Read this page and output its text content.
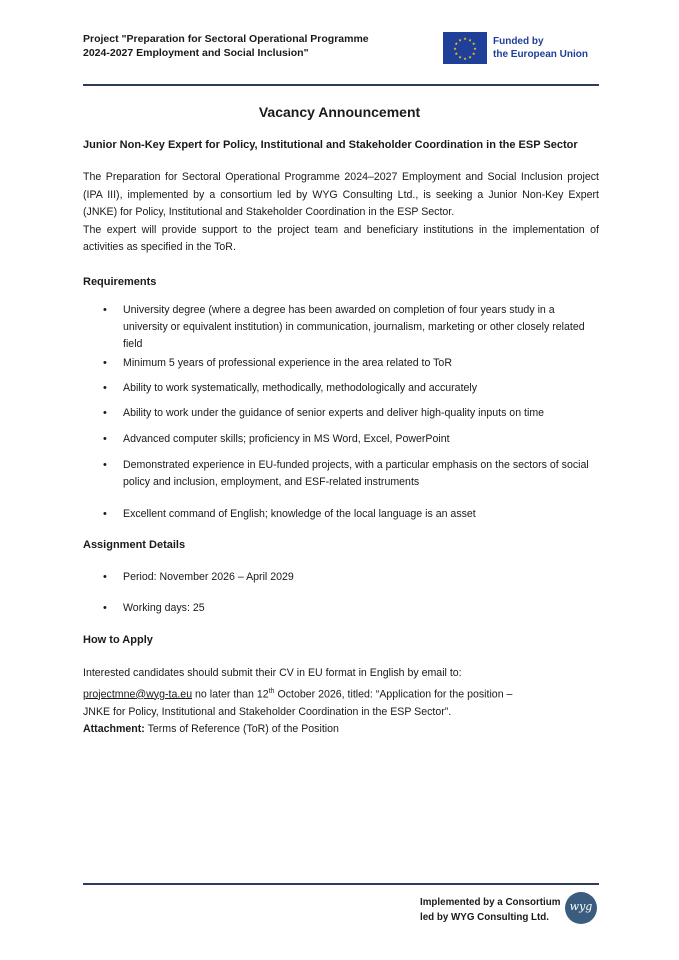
Project "Preparation for Sectoral Operational Programme
2024-2027 Employment and Social Inclusion"
★ ★
★
★
★
★
★
★
★
★
★
★	Funded by
the European Union
Vacancy Announcement
Junior Non-Key Expert for Policy, Institutional and Stakeholder Coordination in the ESP Sector
The Preparation for Sectoral Operational Programme 2024–2027 Employment and Social Inclusion project (IPA III), implemented by a consortium led by WYG Consulting Ltd., is seeking a Junior Non-Key Expert (JNKE) for Policy, Institutional and Stakeholder Coordination in the ESP Sector.
The expert will provide support to the project team and beneficiary institutions in the implementation of activities as specified in the ToR.
Requirements
• University degree (where a degree has been awarded on completion of four years study in a university or equivalent institution) in communication, journalism, marketing or other closely related field
• Minimum 5 years of professional experience in the area related to ToR
• Ability to work systematically, methodically, methodologically and accurately
• Ability to work under the guidance of senior experts and deliver high-quality inputs on time
• Advanced computer skills; proficiency in MS Word, Excel, PowerPoint
• Demonstrated experience in EU-funded projects, with a particular emphasis on the sectors of social policy and inclusion, employment, and ESF-related instruments
• Excellent command of English; knowledge of the local language is an asset
Assignment Details
• Period: November 2026 – April 2029
• Working days: 25
How to Apply
Interested candidates should submit their CV in EU format in English by email to:
projectmne@wyg-ta.eu no later than 12th October 2026, titled: “Application for the position –
JNKE for Policy, Institutional and Stakeholder Coordination in the ESP Sector”.
Attachment: Terms of Reference (ToR) of the Position
Implemented by a Consortium
led by WYG Consulting Ltd.
wyg
